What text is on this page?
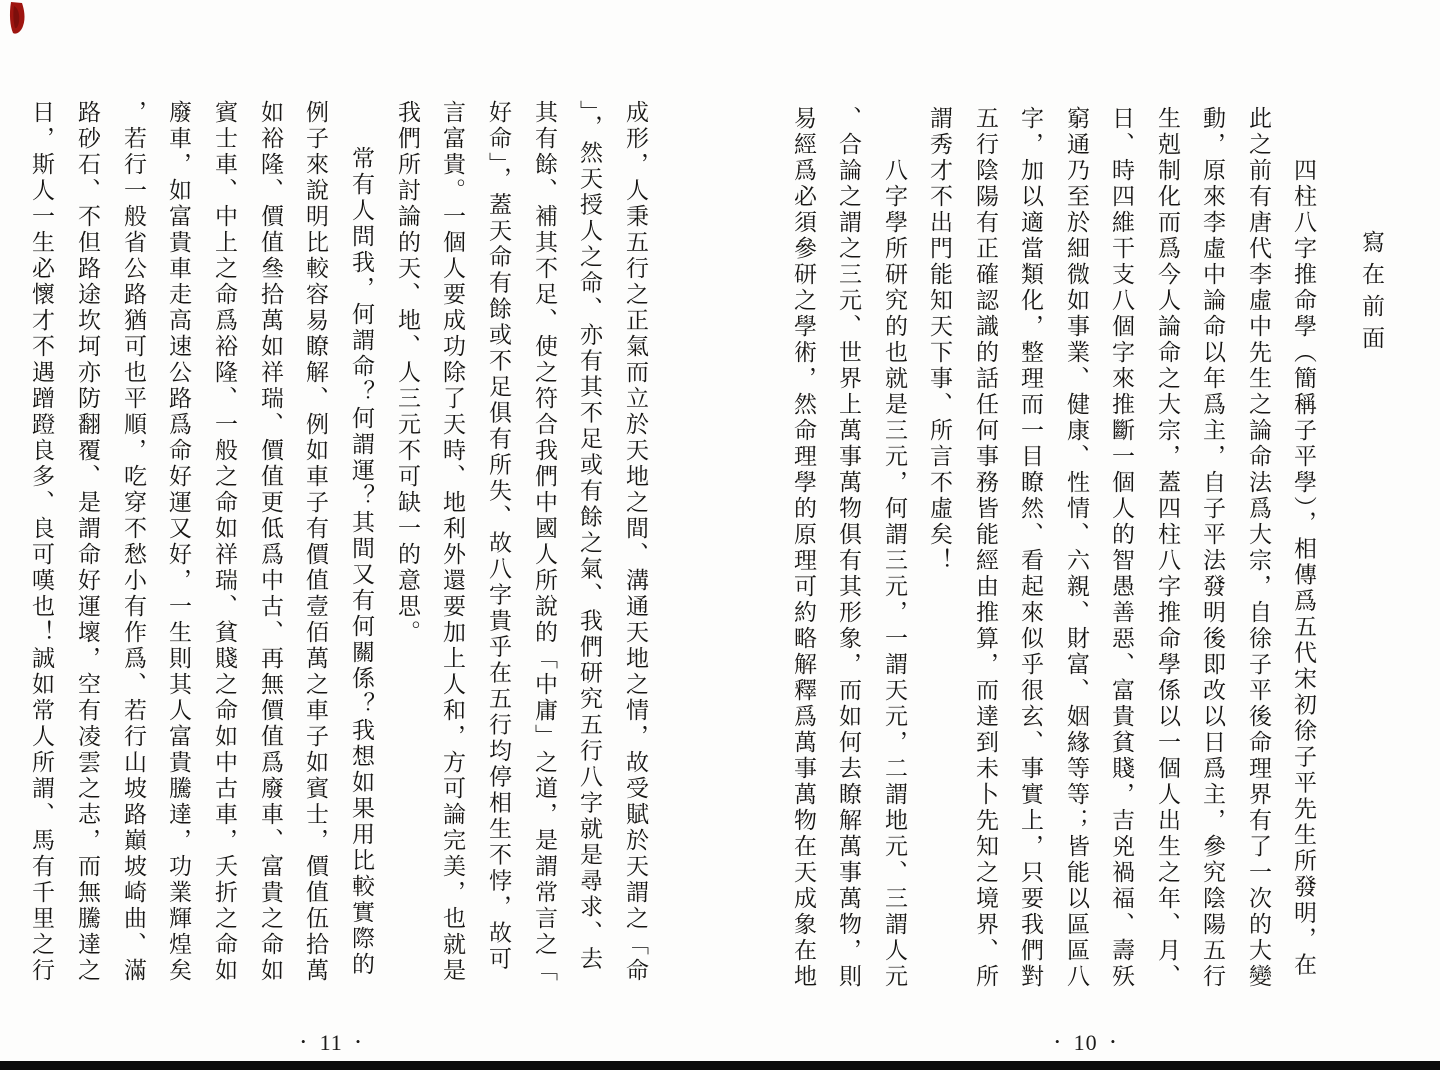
寫在前面
四柱八字推命學（簡稱子平學），相傳爲五代宋初徐子平先生所發明，在
此之前有唐代李虛中先生之論命法爲大宗，自徐子平後命理界有了一次的大變
動，原來李虛中論命以年爲主，自子平法發明後即改以日爲主，參究陰陽五行
生剋制化而爲今人論命之大宗，蓋四柱八字推命學係以一個人出生之年、月、
日、時四維干支八個字來推斷一個人的智愚善惡、富貴貧賤，吉兇禍福、壽殀
窮通乃至於細微如事業、健康、性情、六親、財富、姻緣等等；皆能以區區八
字，加以適當類化，整理而一目瞭然、看起來似乎很玄、事實上，只要我們對
五行陰陽有正確認識的話任何事務皆能經由推算，而達到未卜先知之境界、所
謂秀才不出門能知天下事、所言不虛矣！
八字學所研究的也就是三元，何謂三元，一謂天元，二謂地元、三謂人元
、合論之謂之三元、世界上萬事萬物俱有其形象，而如何去瞭解萬事萬物，則
易經爲必須參研之學術，然命理學的原理可約略解釋爲萬事萬物在天成象在地
• 10 •
成形，人秉五行之正氣而立於天地之間、溝通天地之情，故受賦於天謂之「命
」，然天授人之命、亦有其不足或有餘之氣、我們研究五行八字就是尋求、去
其有餘、補其不足、使之符合我們中國人所說的「中庸」之道，是謂常言之「
好命」，蓋天命有餘或不足俱有所失、故八字貴乎在五行均停相生不悖，故可
言富貴。一個人要成功除了天時、地利外還要加上人和，方可論完美，也就是
我們所討論的天、地、人三元不可缺一的意思。
常有人問我，何謂命？何謂運？其間又有何關係？我想如果用比較實際的
例子來說明比較容易瞭解、例如車子有價值壹佰萬之車子如賓士，價值伍拾萬
如裕隆、價值叄拾萬如祥瑞、價值更低爲中古、再無價值爲廢車、富貴之命如
賓士車、中上之命爲裕隆、一般之命如祥瑞、貧賤之命如中古車，夭折之命如
廢車，如富貴車走高速公路爲命好運又好，一生則其人富貴騰達，功業輝煌矣
，若行一般省公路猶可也平順，吃穿不愁小有作爲、若行山坡路巔坡崎曲、滿
路砂石、不但路途坎坷亦防翻覆、是謂命好運壞，空有凌雲之志，而無騰達之
日，斯人一生必懷才不遇蹭蹬良多、良可嘆也！誠如常人所謂、馬有千里之行
• 11 •
